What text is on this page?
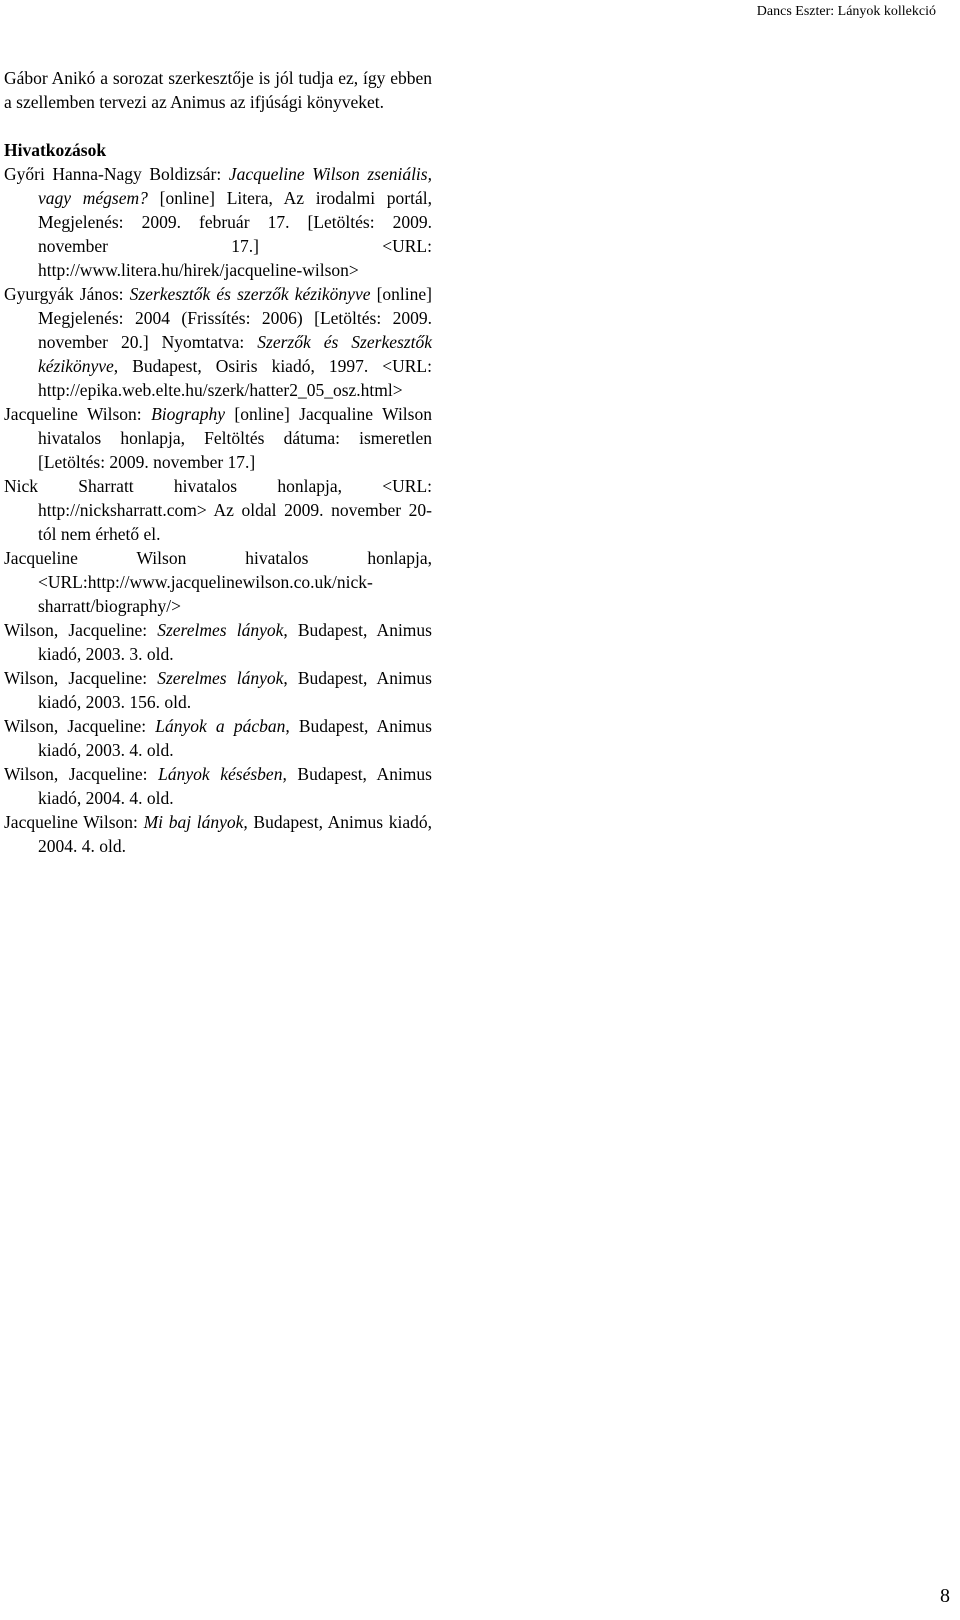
Dancs Eszter: Lányok kollekció

Gábor Anikó a sorozat szerkesztője is jól tudja ez, így ebben a szellemben tervezi az Animus az ifjúsági könyveket.

Hivatkozások

Győri Hanna-Nagy Boldizsár: Jacqueline Wilson zseniális, vagy mégsem? [online] Litera, Az irodalmi portál, Megjelenés: 2009. február 17. [Letöltés: 2009. november 17.] <URL: http://www.litera.hu/hirek/jacqueline-wilson>

Gyurgyák János: Szerkesztők és szerzők kézikönyve [online] Megjelenés: 2004 (Frissítés: 2006) [Letöltés: 2009. november 20.] Nyomtatva: Szerzők és Szerkesztők kézikönyve, Budapest, Osiris kiadó, 1997. <URL: http://epika.web.elte.hu/szerk/hatter2_05_osz.html>

Jacqueline Wilson: Biography [online] Jacqualine Wilson hivatalos honlapja, Feltöltés dátuma: ismeretlen [Letöltés: 2009. november 17.]

Nick Sharratt hivatalos honlapja, <URL: http://nicksharratt.com> Az oldal 2009. november 20-tól nem érhető el.

Jacqueline Wilson hivatalos honlapja, <URL:http://www.jacquelinewilson.co.uk/nick-sharratt/biography/>

Wilson, Jacqueline: Szerelmes lányok, Budapest, Animus kiadó, 2003. 3. old.

Wilson, Jacqueline: Szerelmes lányok, Budapest, Animus kiadó, 2003. 156. old.

Wilson, Jacqueline: Lányok a pácban, Budapest, Animus kiadó, 2003. 4. old.

Wilson, Jacqueline: Lányok késésben, Budapest, Animus kiadó, 2004. 4. old.

Jacqueline Wilson: Mi baj lányok, Budapest, Animus kiadó, 2004. 4. old.

8
